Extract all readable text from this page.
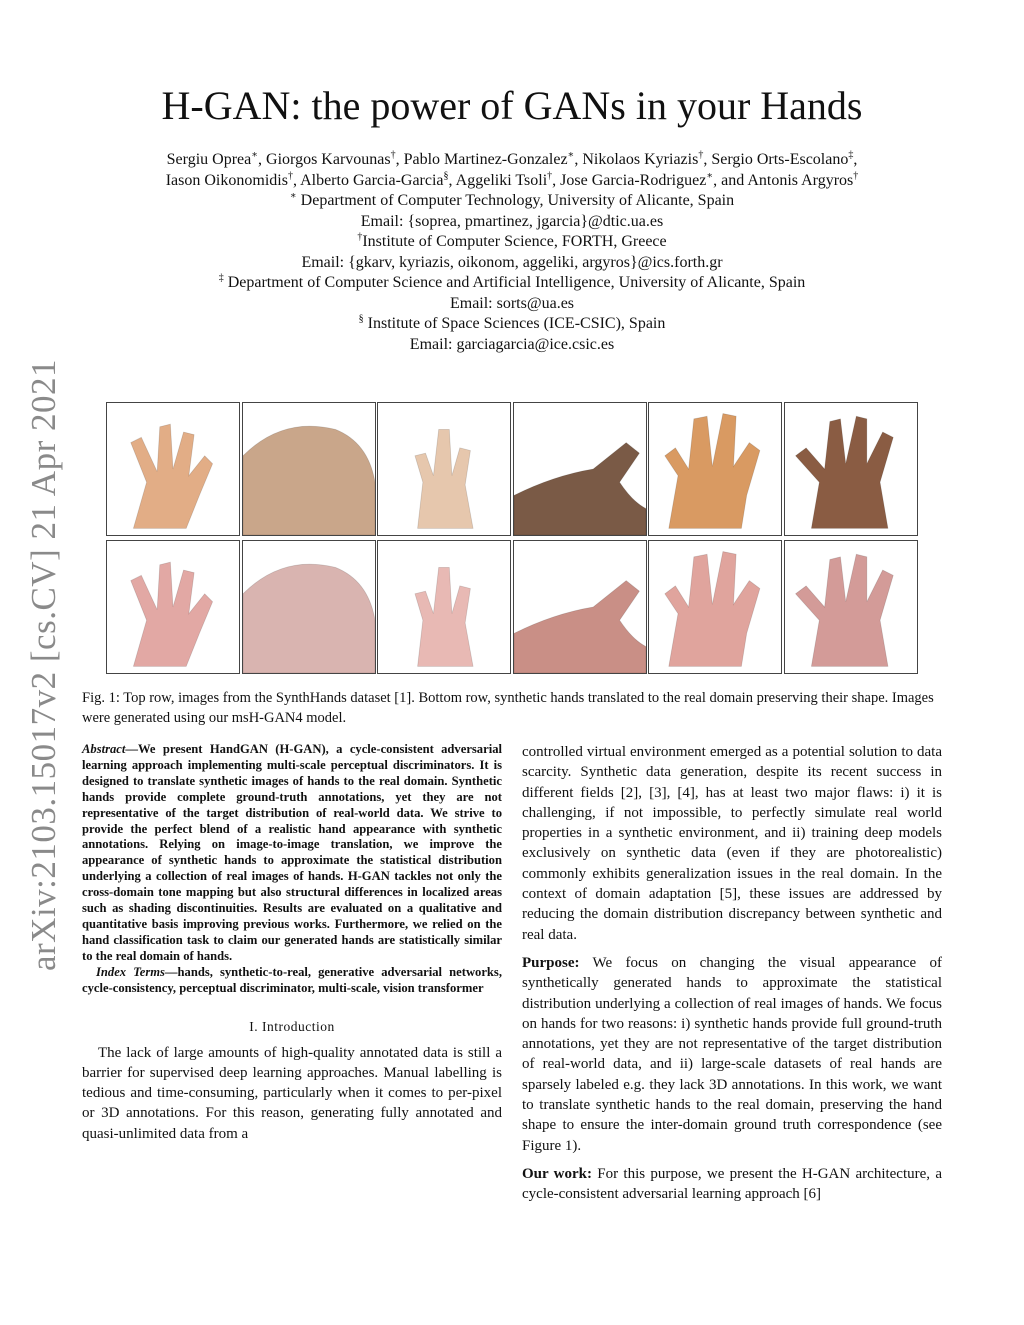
arXiv:2103.15017v2 [cs.CV] 21 Apr 2021
H-GAN: the power of GANs in your Hands
Sergiu Oprea∗, Giorgos Karvounas†, Pablo Martinez-Gonzalez∗, Nikolaos Kyriazis†, Sergio Orts-Escolano‡,
Iason Oikonomidis†, Alberto Garcia-Garcia§, Aggeliki Tsoli†, Jose Garcia-Rodriguez∗, and Antonis Argyros†
∗ Department of Computer Technology, University of Alicante, Spain
Email: {soprea, pmartinez, jgarcia}@dtic.ua.es
†Institute of Computer Science, FORTH, Greece
Email: {gkarv, kyriazis, oikonom, aggeliki, argyros}@ics.forth.gr
‡ Department of Computer Science and Artificial Intelligence, University of Alicante, Spain
Email: sorts@ua.es
§ Institute of Space Sciences (ICE-CSIC), Spain
Email: garciagarcia@ice.csic.es
Fig. 1: Top row, images from the SynthHands dataset [1]. Bottom row, synthetic hands translated to the real domain preserving their shape. Images were generated using our msH-GAN4 model.

Abstract—We present HandGAN (H-GAN), a cycle-consistent adversarial learning approach implementing multi-scale perceptual discriminators. It is designed to translate synthetic images of hands to the real domain. Synthetic hands provide complete ground-truth annotations, yet they are not representative of the target distribution of real-world data. We strive to provide the perfect blend of a realistic hand appearance with synthetic annotations. Relying on image-to-image translation, we improve the appearance of synthetic hands to approximate the statistical distribution underlying a collection of real images of hands. H-GAN tackles not only the cross-domain tone mapping but also structural differences in localized areas such as shading discontinuities. Results are evaluated on a qualitative and quantitative basis improving previous works. Furthermore, we relied on the hand classification task to claim our generated hands are statistically similar to the real domain of hands.

Index Terms—hands, synthetic-to-real, generative adversarial networks, cycle-consistency, perceptual discriminator, multi-scale, vision transformer

I. Introduction

The lack of large amounts of high-quality annotated data is still a barrier for supervised deep learning approaches. Manual labelling is tedious and time-consuming, particularly when it comes to per-pixel or 3D annotations. For this reason, generating fully annotated and quasi-unlimited data from a

controlled virtual environment emerged as a potential solution to data scarcity. Synthetic data generation, despite its recent success in different fields [2], [3], [4], has at least two major flaws: i) it is challenging, if not impossible, to perfectly simulate real world properties in a synthetic environment, and ii) training deep models exclusively on synthetic data (even if they are photorealistic) commonly exhibits generalization issues in the real domain. In the context of domain adaptation [5], these issues are addressed by reducing the domain distribution discrepancy between synthetic and real data.

Purpose: We focus on changing the visual appearance of synthetically generated hands to approximate the statistical distribution underlying a collection of real images of hands. We focus on hands for two reasons: i) synthetic hands provide full ground-truth annotations, yet they are not representative of the target distribution of real-world data, and ii) large-scale datasets of real hands are sparsely labeled e.g. they lack 3D annotations. In this work, we want to translate synthetic hands to the real domain, preserving the hand shape to ensure the inter-domain ground truth correspondence (see Figure 1).

Our work: For this purpose, we present the H-GAN architecture, a cycle-consistent adversarial learning approach [6]
